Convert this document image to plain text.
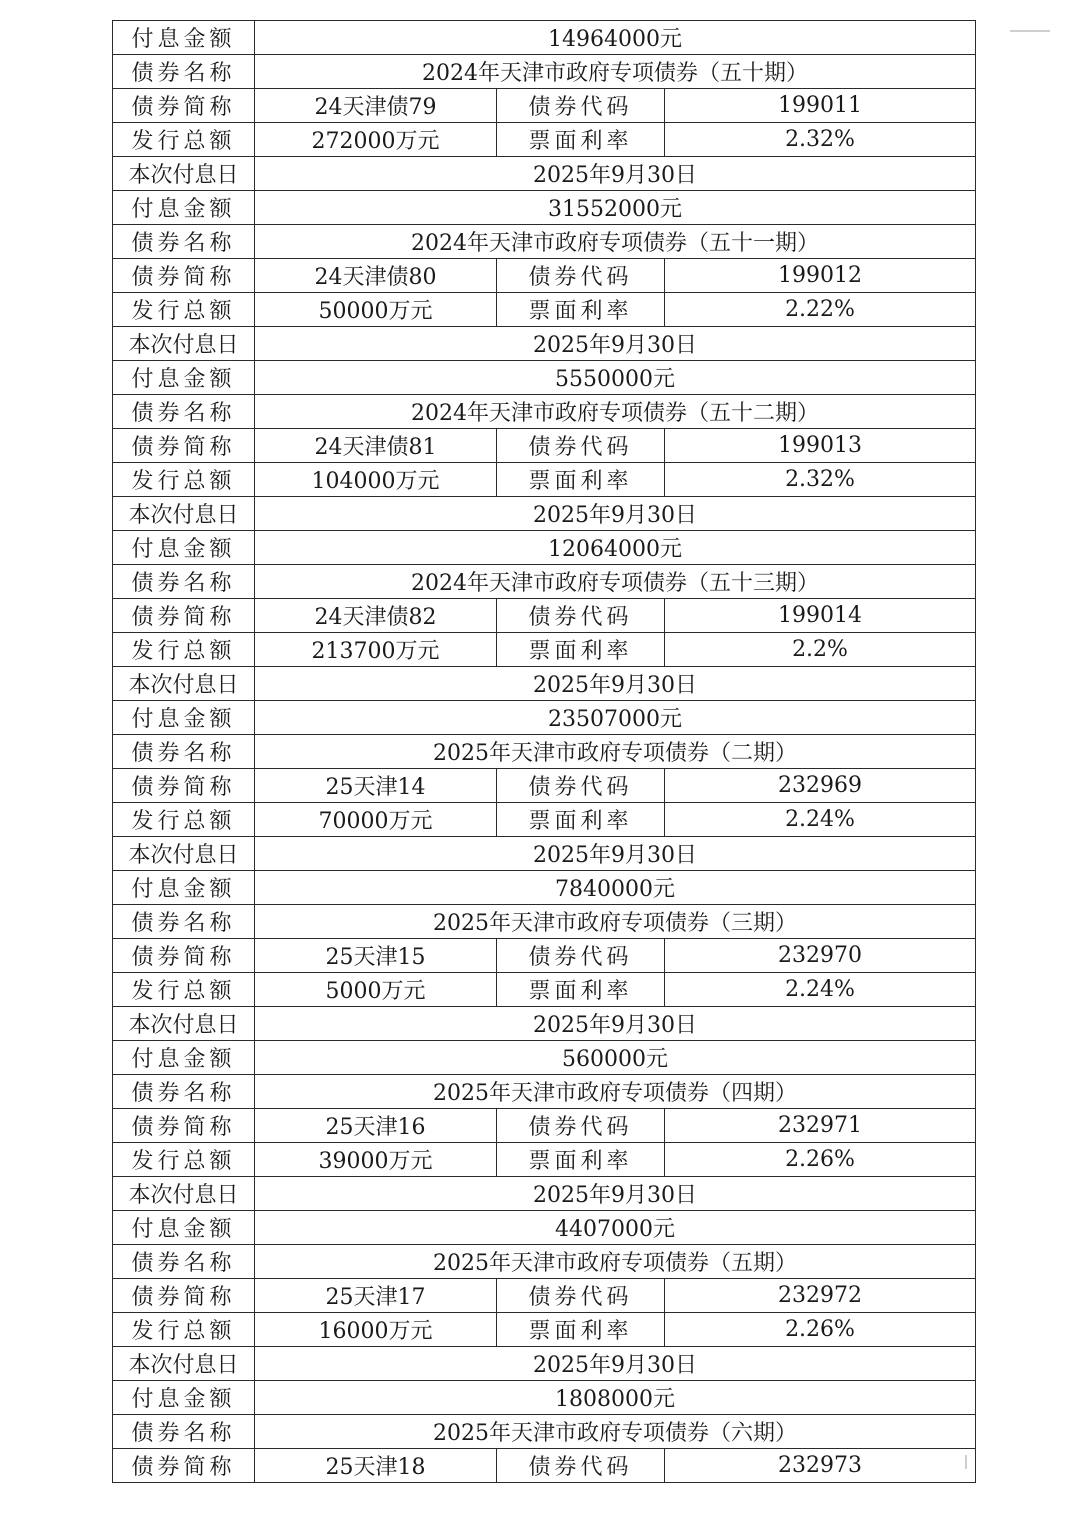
付息金额	14964000元		
债券名称	2024年天津市政府专项债券（五十期）		
债券简称	24天津债79	债券代码	199011
发行总额	272000万元	票面利率	2.32%
本次付息日	2025年9月30日		
付息金额	31552000元		
债券名称	2024年天津市政府专项债券（五十一期）		
债券简称	24天津债80	债券代码	199012
发行总额	50000万元	票面利率	2.22%
本次付息日	2025年9月30日		
付息金额	5550000元		
债券名称	2024年天津市政府专项债券（五十二期）		
债券简称	24天津债81	债券代码	199013
发行总额	104000万元	票面利率	2.32%
本次付息日	2025年9月30日		
付息金额	12064000元		
债券名称	2024年天津市政府专项债券（五十三期）		
债券简称	24天津债82	债券代码	199014
发行总额	213700万元	票面利率	2.2%
本次付息日	2025年9月30日		
付息金额	23507000元		
债券名称	2025年天津市政府专项债券（二期）		
债券简称	25天津14	债券代码	232969
发行总额	70000万元	票面利率	2.24%
本次付息日	2025年9月30日		
付息金额	7840000元		
债券名称	2025年天津市政府专项债券（三期）		
债券简称	25天津15	债券代码	232970
发行总额	5000万元	票面利率	2.24%
本次付息日	2025年9月30日		
付息金额	560000元		
债券名称	2025年天津市政府专项债券（四期）		
债券简称	25天津16	债券代码	232971
发行总额	39000万元	票面利率	2.26%
本次付息日	2025年9月30日		
付息金额	4407000元		
债券名称	2025年天津市政府专项债券（五期）		
债券简称	25天津17	债券代码	232972
发行总额	16000万元	票面利率	2.26%
本次付息日	2025年9月30日		
付息金额	1808000元		
债券名称	2025年天津市政府专项债券（六期）		
债券简称	25天津18	债券代码	232973
